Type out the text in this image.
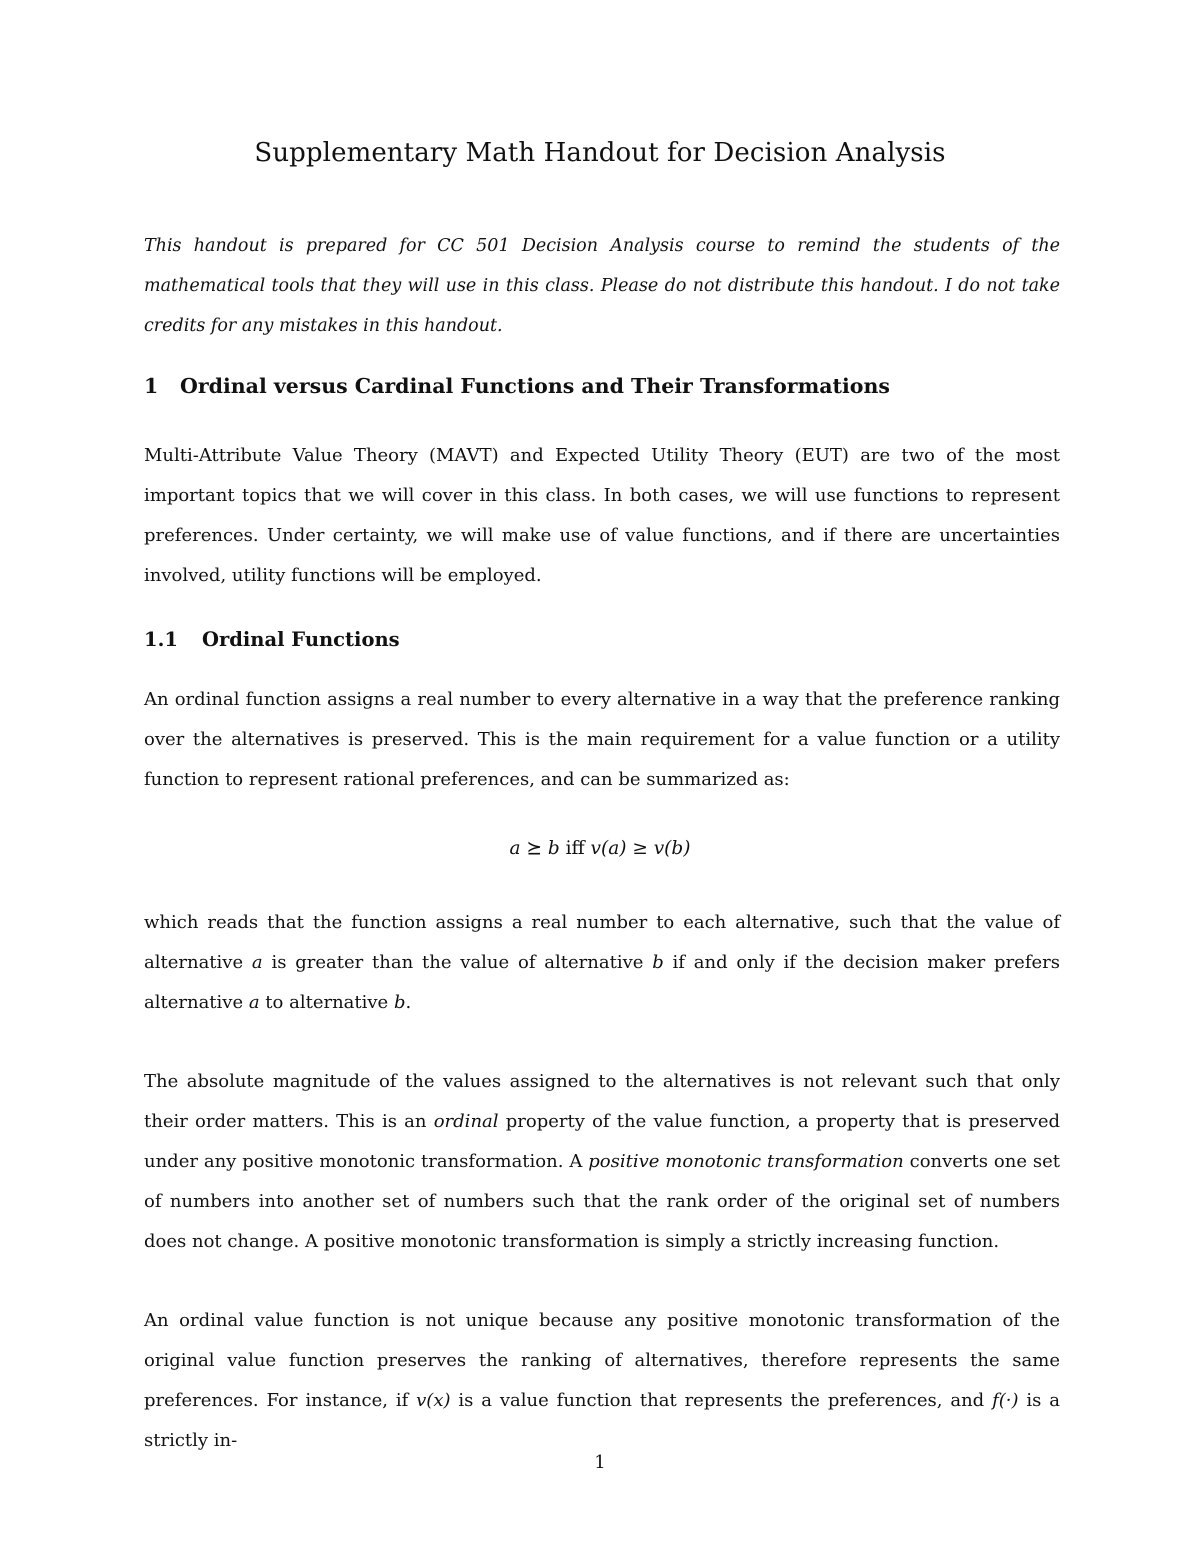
Supplementary Math Handout for Decision Analysis
This handout is prepared for CC 501 Decision Analysis course to remind the students of the mathematical tools that they will use in this class. Please do not distribute this handout. I do not take credits for any mistakes in this handout.
1 Ordinal versus Cardinal Functions and Their Transformations
Multi-Attribute Value Theory (MAVT) and Expected Utility Theory (EUT) are two of the most important topics that we will cover in this class. In both cases, we will use functions to represent preferences. Under certainty, we will make use of value functions, and if there are uncertainties involved, utility functions will be employed.
1.1 Ordinal Functions
An ordinal function assigns a real number to every alternative in a way that the preference ranking over the alternatives is preserved. This is the main requirement for a value function or a utility function to represent rational preferences, and can be summarized as:
a ⪰ b iff v(a) ≥ v(b)
which reads that the function assigns a real number to each alternative, such that the value of alternative a is greater than the value of alternative b if and only if the decision maker prefers alternative a to alternative b.
The absolute magnitude of the values assigned to the alternatives is not relevant such that only their order matters. This is an ordinal property of the value function, a property that is preserved under any positive monotonic transformation. A positive monotonic transformation converts one set of numbers into another set of numbers such that the rank order of the original set of numbers does not change. A positive monotonic transformation is simply a strictly increasing function.
An ordinal value function is not unique because any positive monotonic transformation of the original value function preserves the ranking of alternatives, therefore represents the same preferences. For instance, if v(x) is a value function that represents the preferences, and f(·) is a strictly in-
1
